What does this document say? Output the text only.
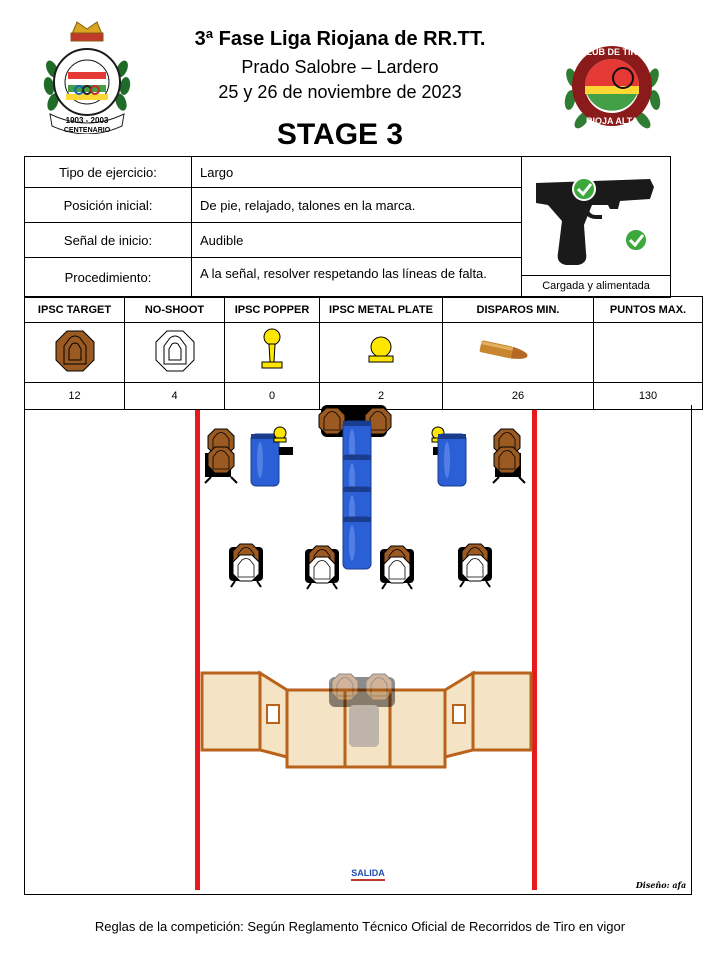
1903 - 2003
CENTENARIO
3ª Fase Liga Riojana de RR.TT.
Prado Salobre – Lardero
25 y 26 de noviembre de 2023
STAGE 3
CLUB DE TIRO
RIOJA ALTA
Tipo de ejercicio:	Largo	Cargada y alimentada

Posición inicial:	De pie, relajado, talones en la marca.	
Señal de inicio:	Audible	
Procedimiento:	A la señal, resolver respetando las líneas de falta.	
IPSC TARGET	NO-SHOOT	IPSC POPPER	IPSC METAL PLATE	DISPAROS MIN.	PUNTOS MAX.

12	4	0	2	26	130
SALIDA
Diseño: afa
Reglas de la competición: Según Reglamento Técnico Oficial de Recorridos de Tiro en vigor
